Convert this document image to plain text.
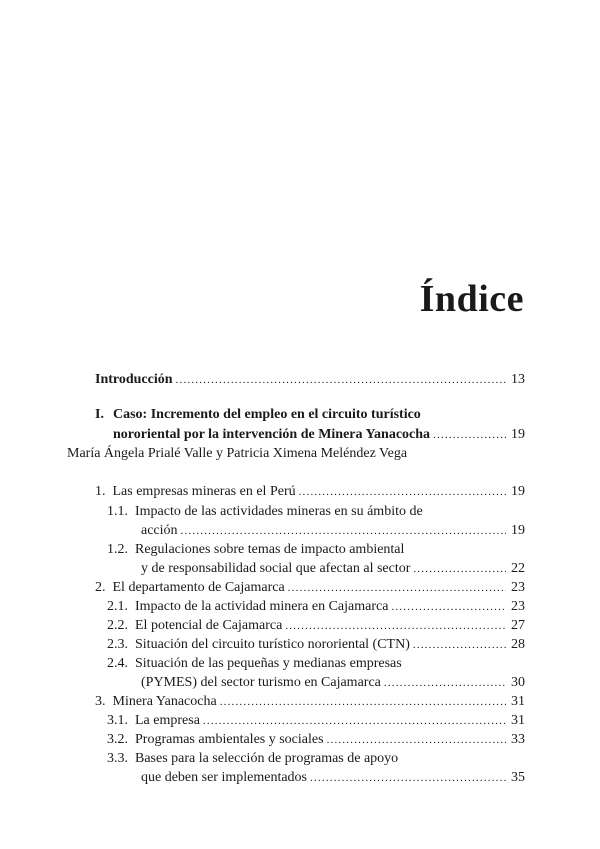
Índice
Introducción .....	13
I. Caso: Incremento del empleo en el circuito turístico
nororiental por la intervención de Minera Yanacocha .....	19
María Ángela Prialé Valle y Patricia Ximena Meléndez Vega
1. Las empresas mineras en el Perú .....	19
1.1. Impacto de las actividades mineras en su ámbito de
acción .....	19
1.2. Regulaciones sobre temas de impacto ambiental
y de responsabilidad social que afectan al sector .....	22
2. El departamento de Cajamarca .....	23
2.1. Impacto de la actividad minera en Cajamarca .....	23
2.2. El potencial de Cajamarca .....	27
2.3. Situación del circuito turístico nororiental (CTN) .....	28
2.4. Situación de las pequeñas y medianas empresas
(PYMES) del sector turismo en Cajamarca .....	30
3. Minera Yanacocha .....	31
3.1. La empresa .....	31
3.2. Programas ambientales y sociales .....	33
3.3. Bases para la selección de programas de apoyo
que deben ser implementados .....	35
